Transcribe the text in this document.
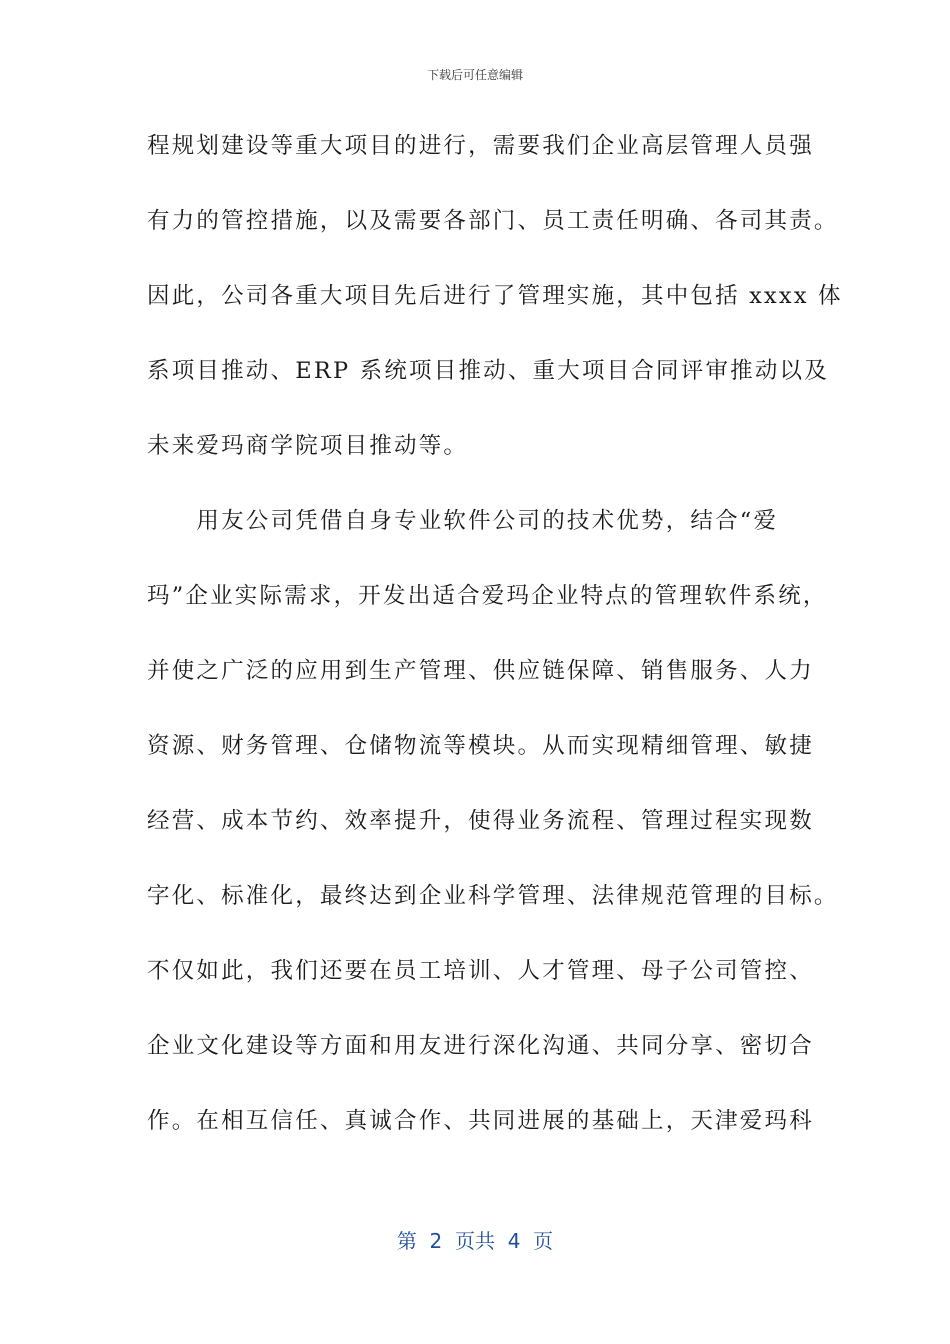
下载后可任意编辑
程规划建设等重大项目的进行，需要我们企业高层管理人员强
有力的管控措施，以及需要各部门、员工责任明确、各司其责。
因此，公司各重大项目先后进行了管理实施，其中包括 xxxx 体
系项目推动、ERP 系统项目推动、重大项目合同评审推动以及
未来爱玛商学院项目推动等。
　　用友公司凭借自身专业软件公司的技术优势，结合“爱
玛”企业实际需求，开发出适合爱玛企业特点的管理软件系统，
并使之广泛的应用到生产管理、供应链保障、销售服务、人力
资源、财务管理、仓储物流等模块。从而实现精细管理、敏捷
经营、成本节约、效率提升，使得业务流程、管理过程实现数
字化、标准化，最终达到企业科学管理、法律规范管理的目标。
不仅如此，我们还要在员工培训、人才管理、母子公司管控、
企业文化建设等方面和用友进行深化沟通、共同分享、密切合
作。在相互信任、真诚合作、共同进展的基础上，天津爱玛科
第  2  页共  4  页
